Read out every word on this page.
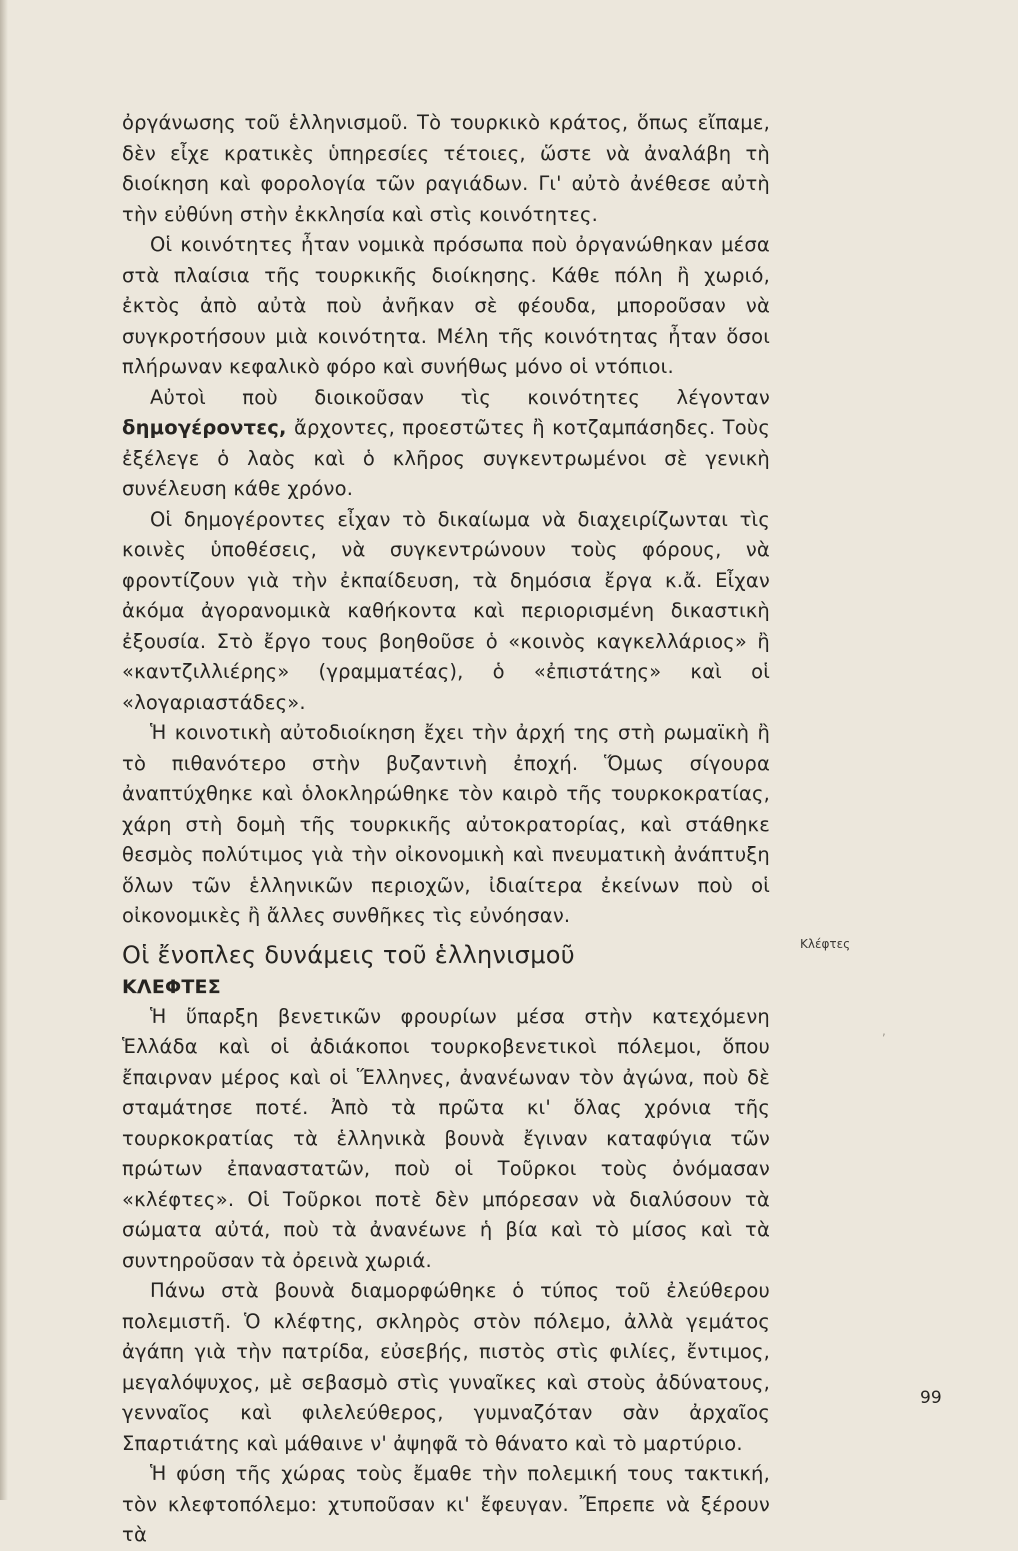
ὀργάνωσης τοῦ ἑλληνισμοῦ. Τὸ τουρκικὸ κράτος, ὅπως εἴπαμε, δὲν εἶχε κρατικὲς ὑπηρεσίες τέτοιες, ὥστε νὰ ἀναλάβη τὴ διοίκηση καὶ φορολογία τῶν ραγιάδων. Γι' αὐτὸ ἀνέθεσε αὐτὴ τὴν εὐθύνη στὴν ἐκκλησία καὶ στὶς κοινότητες.

Οἱ κοινότητες ἦταν νομικὰ πρόσωπα ποὺ ὀργανώθηκαν μέσα στὰ πλαίσια τῆς τουρκικῆς διοίκησης. Κάθε πόλη ἢ χωριό, ἐκτὸς ἀπὸ αὐτὰ ποὺ ἀνῆκαν σὲ φέουδα, μποροῦσαν νὰ συγκροτήσουν μιὰ κοινότητα. Μέλη τῆς κοινότητας ἦταν ὅσοι πλήρωναν κεφαλικὸ φόρο καὶ συνήθως μόνο οἱ ντόπιοι.

Αὐτοὶ ποὺ διοικοῦσαν τὶς κοινότητες λέγονταν δημογέροντες, ἄρχοντες, προεστῶτες ἢ κοτζαμπάσηδες. Τοὺς ἐξέλεγε ὁ λαὸς καὶ ὁ κλῆρος συγκεντρωμένοι σὲ γενικὴ συνέλευση κάθε χρόνο.

Οἱ δημογέροντες εἶχαν τὸ δικαίωμα νὰ διαχειρίζωνται τὶς κοινὲς ὑποθέσεις, νὰ συγκεντρώνουν τοὺς φόρους, νὰ φροντίζουν γιὰ τὴν ἐκπαίδευση, τὰ δημόσια ἔργα κ.ἄ. Εἶχαν ἀκόμα ἀγορανομικὰ καθήκοντα καὶ περιορισμένη δικαστικὴ ἐξουσία. Στὸ ἔργο τους βοηθοῦσε ὁ «κοινὸς καγκελλάριος» ἢ «καντζιλλιέρης» (γραμματέας), ὁ «ἐπιστάτης» καὶ οἱ «λογαριαστάδες».

Ἡ κοινοτικὴ αὐτοδιοίκηση ἔχει τὴν ἀρχή της στὴ ρωμαϊκὴ ἢ τὸ πιθανότερο στὴν βυζαντινὴ ἐποχή. Ὅμως σίγουρα ἀναπτύχθηκε καὶ ὁλοκληρώθηκε τὸν καιρὸ τῆς τουρκοκρατίας, χάρη στὴ δομὴ τῆς τουρκικῆς αὐτοκρατορίας, καὶ στάθηκε θεσμὸς πολύτιμος γιὰ τὴν οἰκονομικὴ καὶ πνευματικὴ ἀνάπτυξη ὅλων τῶν ἑλληνικῶν περιοχῶν, ἰδιαίτερα ἐκείνων ποὺ οἱ οἰκονομικὲς ἢ ἄλλες συνθῆκες τὶς εὐνόησαν.

Οἱ ἔνοπλες δυνάμεις τοῦ ἑλληνισμοῦ
ΚΛΕΦΤΕΣ

Ἡ ὕπαρξη βενετικῶν φρουρίων μέσα στὴν κατεχόμενη Ἑλλάδα καὶ οἱ ἀδιάκοποι τουρκοβενετικοὶ πόλεμοι, ὅπου ἔπαιρναν μέρος καὶ οἱ Ἕλληνες, ἀνανέωναν τὸν ἀγώνα, ποὺ δὲ σταμάτησε ποτέ. Ἀπὸ τὰ πρῶτα κι' ὅλας χρόνια τῆς τουρκοκρατίας τὰ ἑλληνικὰ βουνὰ ἔγιναν καταφύγια τῶν πρώτων ἐπαναστατῶν, ποὺ οἱ Τοῦρκοι τοὺς ὀνόμασαν «κλέφτες». Οἱ Τοῦρκοι ποτὲ δὲν μπόρεσαν νὰ διαλύσουν τὰ σώματα αὐτά, ποὺ τὰ ἀνανέωνε ἡ βία καὶ τὸ μίσος καὶ τὰ συντηροῦσαν τὰ ὀρεινὰ χωριά.

Πάνω στὰ βουνὰ διαμορφώθηκε ὁ τύπος τοῦ ἐλεύθερου πολεμιστῆ. Ὁ κλέφτης, σκληρὸς στὸν πόλεμο, ἀλλὰ γεμάτος ἀγάπη γιὰ τὴν πατρίδα, εὐσεβής, πιστὸς στὶς φιλίες, ἔντιμος, μεγαλόψυχος, μὲ σεβασμὸ στὶς γυναῖκες καὶ στοὺς ἀδύνατους, γενναῖος καὶ φιλελεύθερος, γυμναζόταν σὰν ἀρχαῖος Σπαρτιάτης καὶ μάθαινε ν' ἀψηφᾶ τὸ θάνατο καὶ τὸ μαρτύριο.

Ἡ φύση τῆς χώρας τοὺς ἔμαθε τὴν πολεμική τους τακτική, τὸν κλεφτοπόλεμο: χτυποῦσαν κι' ἔφευγαν. Ἔπρεπε νὰ ξέρουν τὰ

Κλέφτες
,
99
